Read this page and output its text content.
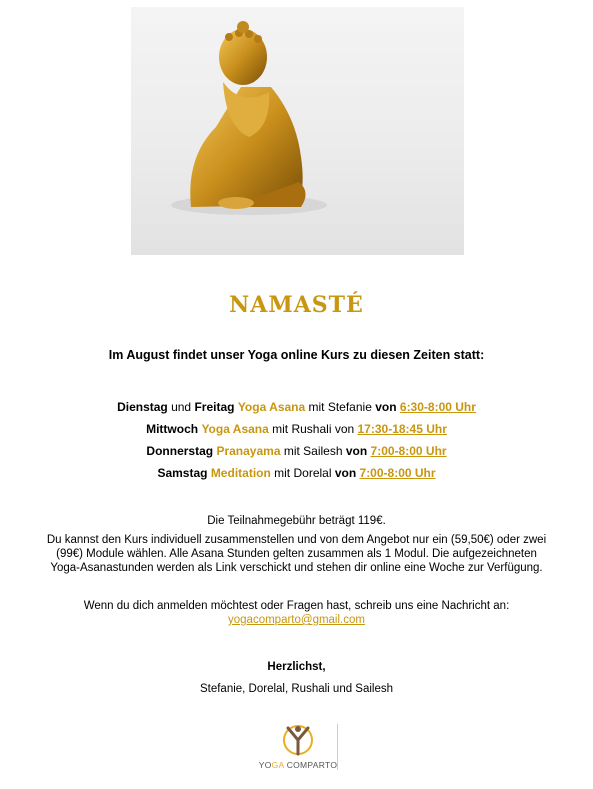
NAMASTÉ
Im August findet unser Yoga online Kurs zu diesen Zeiten statt:
Dienstag und Freitag Yoga Asana mit Stefanie von 6:30-8:00 Uhr
Mittwoch Yoga Asana mit Rushali von 17:30-18:45 Uhr
Donnerstag Pranayama mit Sailesh von 7:00-8:00 Uhr
Samstag Meditation mit Dorelal von 7:00-8:00 Uhr
Die Teilnahmegebühr beträgt 119€.
Du kannst den Kurs individuell zusammenstellen und von dem Angebot nur ein (59,50€) oder zwei (99€) Module wählen. Alle Asana Stunden gelten zusammen als 1 Modul. Die aufgezeichneten Yoga-Asanastunden werden als Link verschickt und stehen dir online eine Woche zur Verfügung.
Wenn du dich anmelden möchtest oder Fragen hast, schreib uns eine Nachricht an:
yogacomparto@gmail.com
Herzlichst,
Stefanie, Dorelal, Rushali und Sailesh
YOGA COMPARTO
